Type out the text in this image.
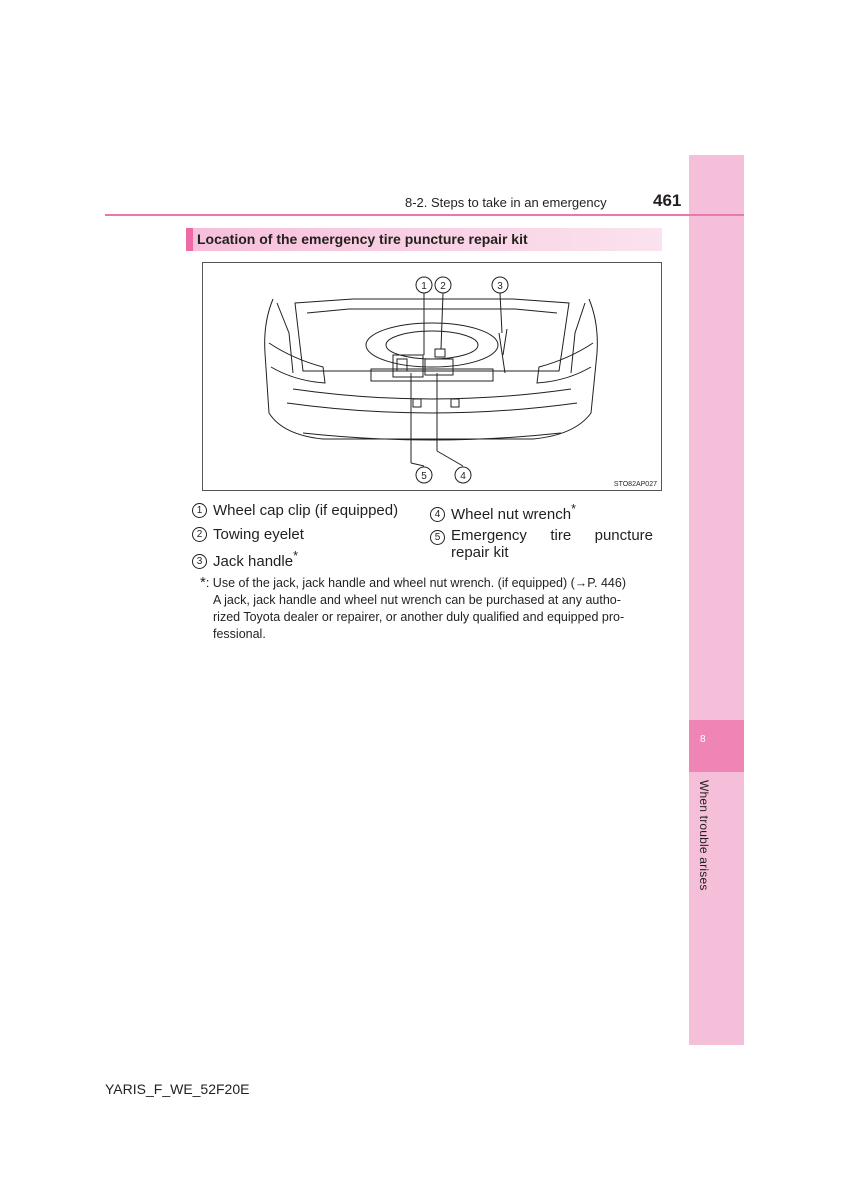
8
When trouble arises
8-2. Steps to take in an emergency	461
Location of the emergency tire puncture repair kit
1 2	3
4
5
STO82AP027
1 Wheel cap clip (if equipped)
2 Towing eyelet
3 Jack handle*
4 Wheel nut wrench*
5 Emergency tire puncture
repair kit
*: Use of the jack, jack handle and wheel nut wrench. (if equipped) (→P. 446)
A jack, jack handle and wheel nut wrench can be purchased at any autho-
rized Toyota dealer or repairer, or another duly qualified and equipped pro-
fessional.
YARIS_F_WE_52F20E
